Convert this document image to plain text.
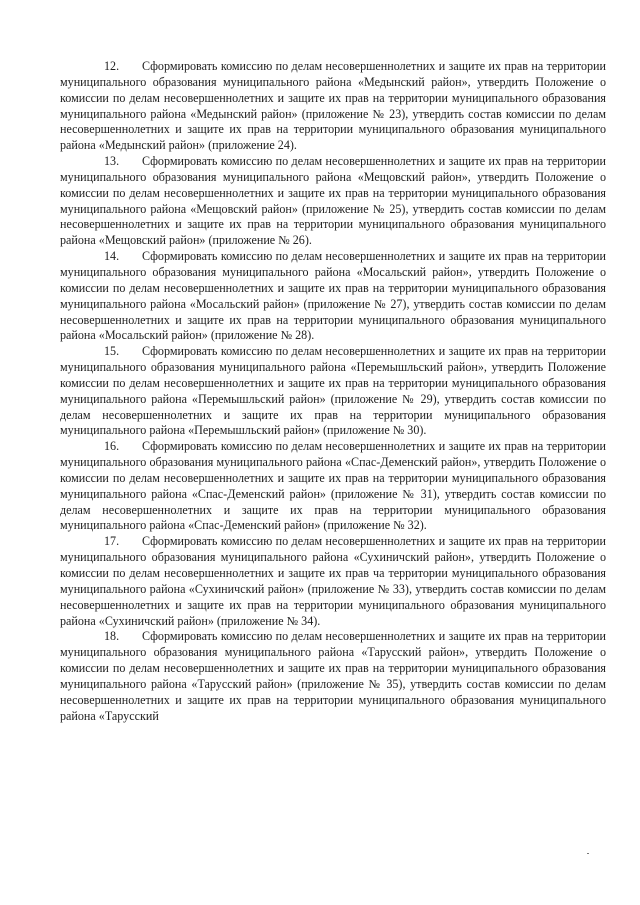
12. Сформировать комиссию по делам несовершеннолетних и защите их прав на территории муниципального образования муниципального района «Медынский район», утвердить Положение о комиссии по делам несовершеннолетних и защите их прав на территории муниципального образования муниципального района «Медынский район» (приложение № 23), утвердить состав комиссии по делам несовершеннолетних и защите их прав на территории муниципального образования муниципального района «Медынский район» (приложение 24).

13. Сформировать комиссию по делам несовершеннолетних и защите их прав на территории муниципального образования муниципального района «Мещовский район», утвердить Положение о комиссии по делам несовершеннолетних и защите их прав на территории муниципального образования муниципального района «Мещовский район» (приложение № 25), утвердить состав комиссии по делам несовершеннолетних и защите их прав на территории муниципального образования муниципального района «Мещовский район» (приложение № 26).

14. Сформировать комиссию по делам несовершеннолетних и защите их прав на территории муниципального образования муниципального района «Мосальский район», утвердить Положение о комиссии по делам несовершеннолетних и защите их прав на территории муниципального образования муниципального района «Мосальский район» (приложение № 27), утвердить состав комиссии по делам несовершеннолетних и защите их прав на территории муниципального образования муниципального района «Мосальский район» (приложение № 28).

15. Сформировать комиссию по делам несовершеннолетних и защите их прав на территории муниципального образования муниципального района «Перемышльский район», утвердить Положение комиссии по делам несовершеннолетних и защите их прав на территории муниципального образования муниципального района «Перемышльский район» (приложение № 29), утвердить состав комиссии по делам несовершеннолетних и защите их прав на территории муниципального образования муниципального района «Перемышльский район» (приложение № 30).

16. Сформировать комиссию по делам несовершеннолетних и защите их прав на территории муниципального образования муниципального района «Спас-Деменский район», утвердить Положение о комиссии по делам несовершеннолетних и защите их прав на территории муниципального образования муниципального района «Спас-Деменский район» (приложение № 31), утвердить состав комиссии по делам несовершеннолетних и защите их прав на территории муниципального образования муниципального района «Спас-Деменский район» (приложение № 32).

17. Сформировать комиссию по делам несовершеннолетних и защите их прав на территории муниципального образования муниципального района «Сухиничский район», утвердить Положение о комиссии по делам несовершеннолетних и защите их прав ча территории муниципального образования муниципального района «Сухиничский район» (приложение № 33), утвердить состав комиссии по делам несовершеннолетних и защите их прав на территории муниципального образования муниципального района «Сухиничский район» (приложение № 34).

18. Сформировать комиссию по делам несовершеннолетних и защите их прав на территории муниципального образования муниципального района «Тарусский район», утвердить Положение о комиссии по делам несовершеннолетних и защите их прав на территории муниципального образования муниципального района «Тарусский район» (приложение № 35), утвердить состав комиссии по делам несовершеннолетних и защите их прав на территории муниципального образования муниципального района «Тарусский
